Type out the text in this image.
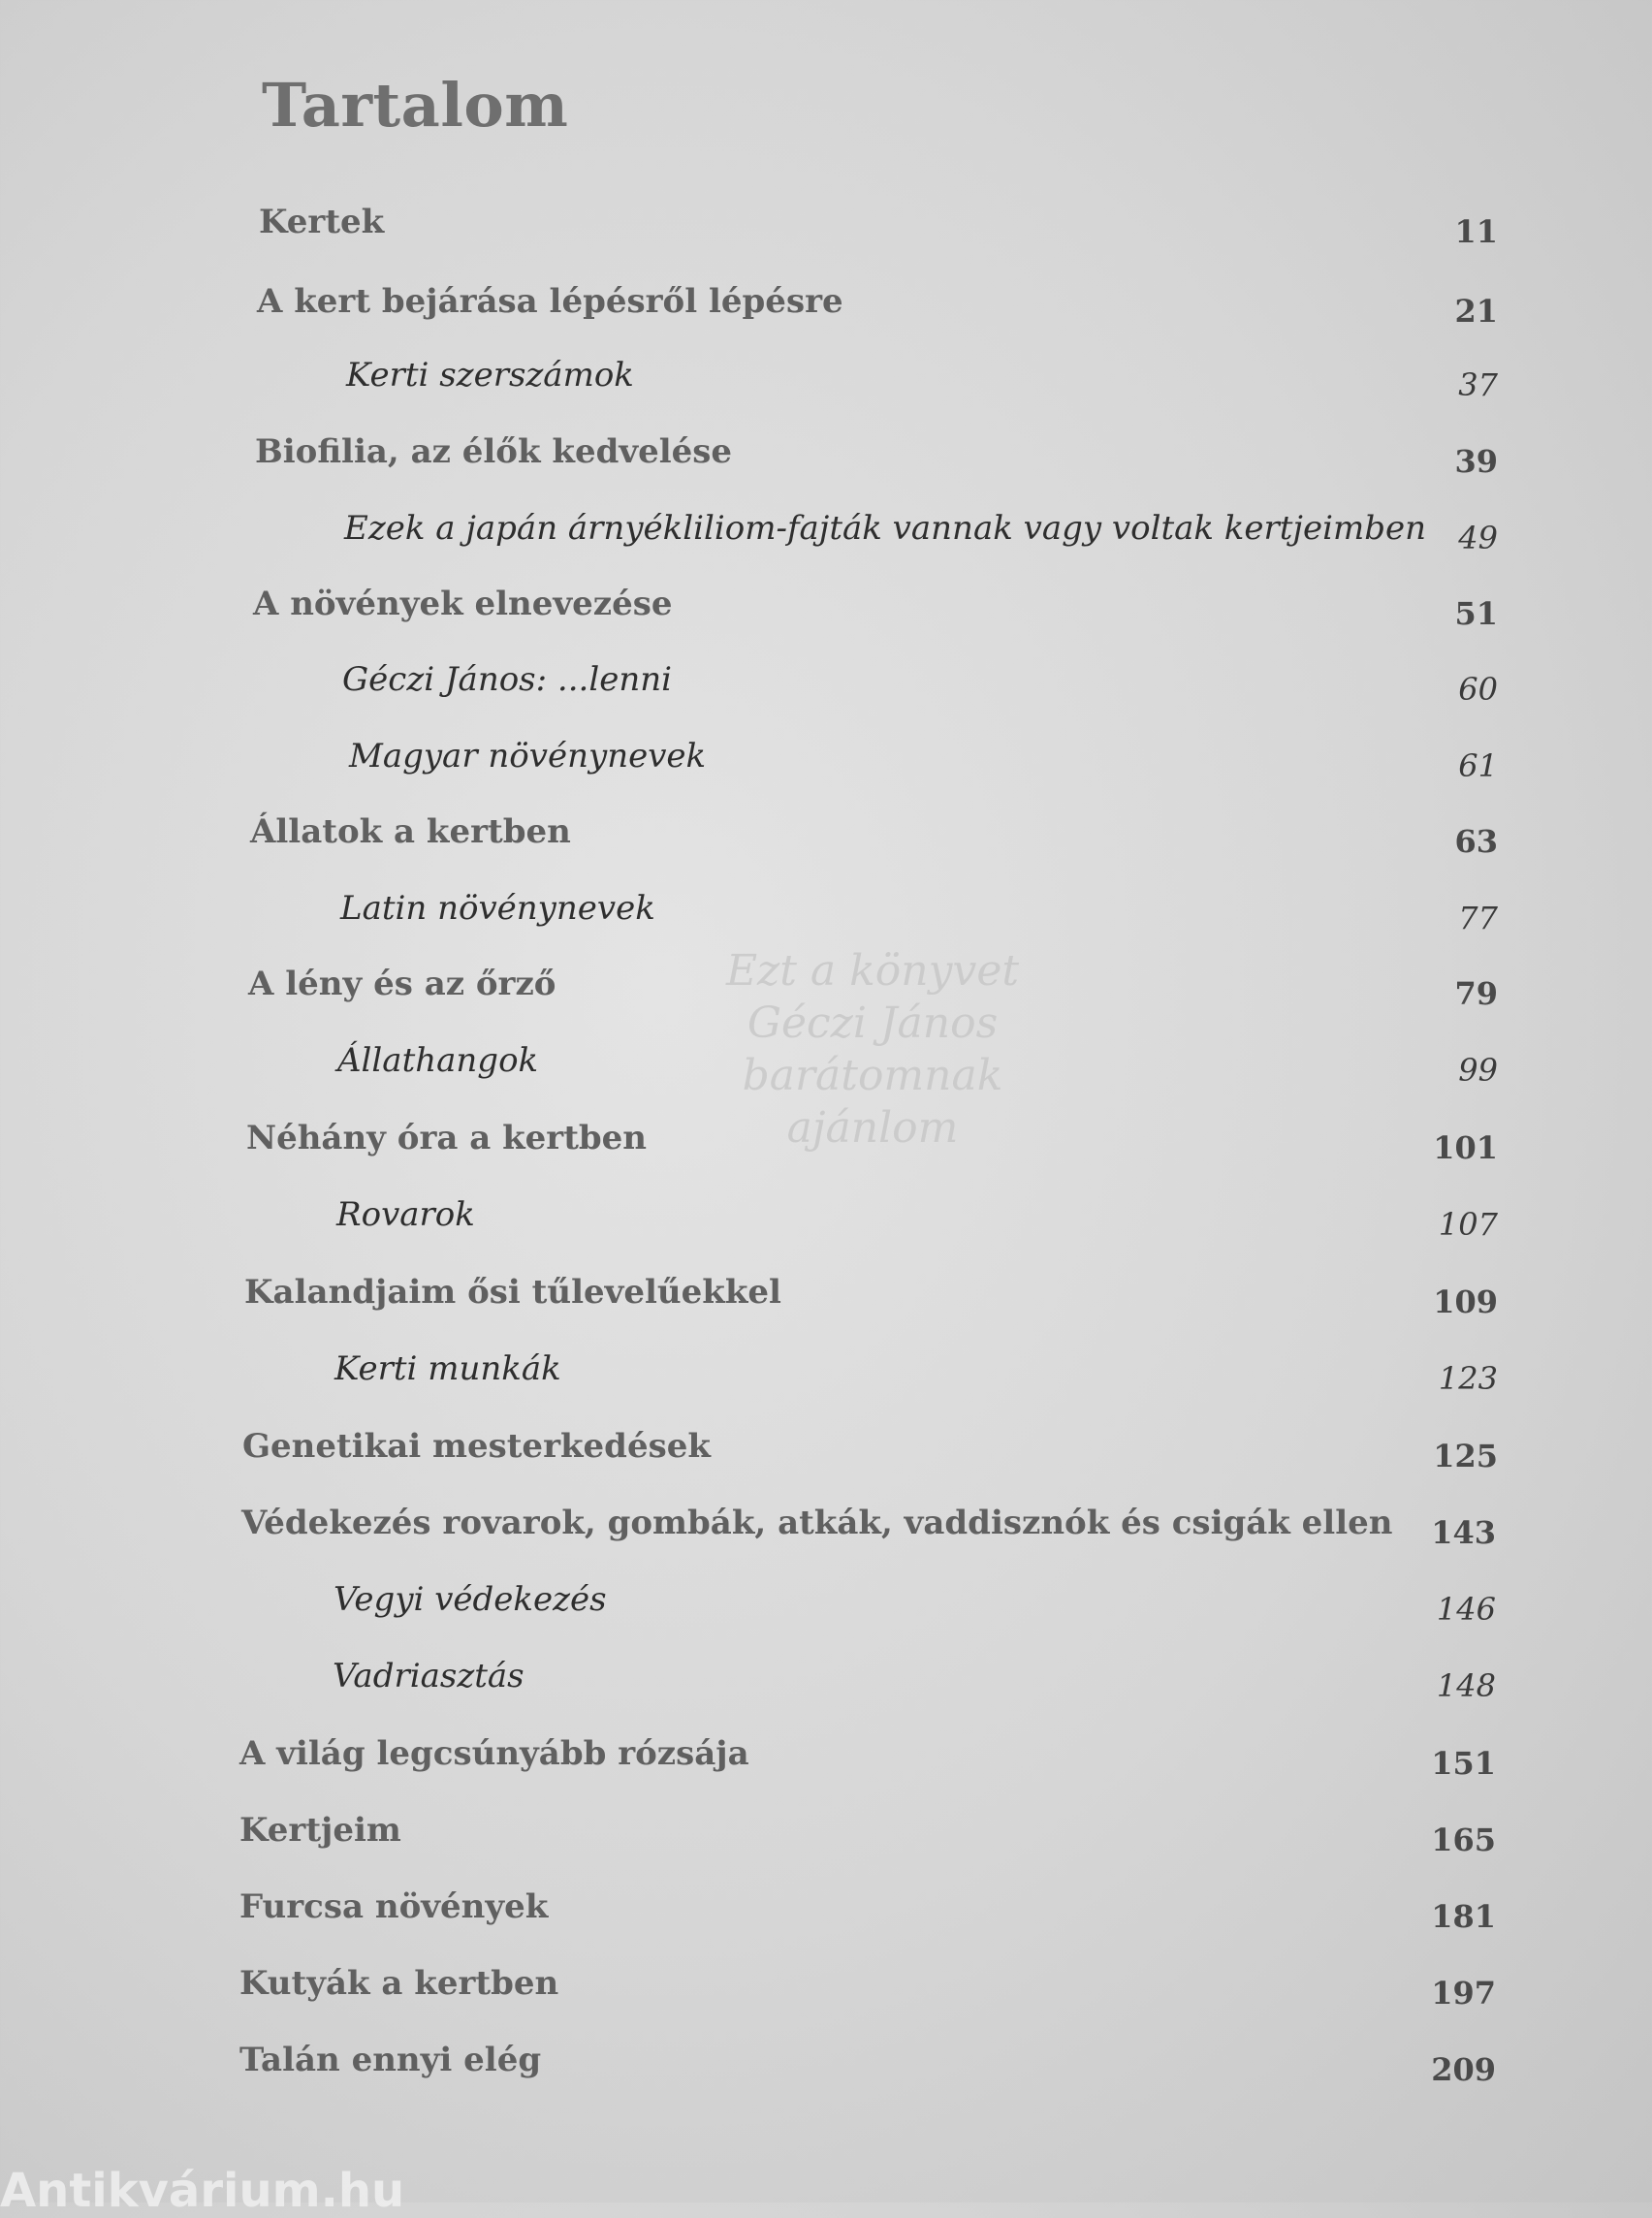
Tartalom
Ezt a könyvet
Géczi János barátomnak
ajánlom
Kertek	11
A kert bejárása lépésről lépésre	21
Kerti szerszámok	37
Biofilia, az élők kedvelése	39
Ezek a japán árnyékliliom-fajták vannak vagy voltak kertjeimben	49
A növények elnevezése	51
Géczi János: ...lenni	60
Magyar növénynevek	61
Állatok a kertben	63
Latin növénynevek	77
A lény és az őrző	79
Állathangok	99
Néhány óra a kertben	101
Rovarok	107
Kalandjaim ősi tűlevelűekkel	109
Kerti munkák	123
Genetikai mesterkedések	125
Védekezés rovarok, gombák, atkák, vaddisznók és csigák ellen	143
Vegyi védekezés	146
Vadriasztás	148
A világ legcsúnyább rózsája	151
Kertjeim	165
Furcsa növények	181
Kutyák a kertben	197
Talán ennyi elég	209
Antikvárium.hu
